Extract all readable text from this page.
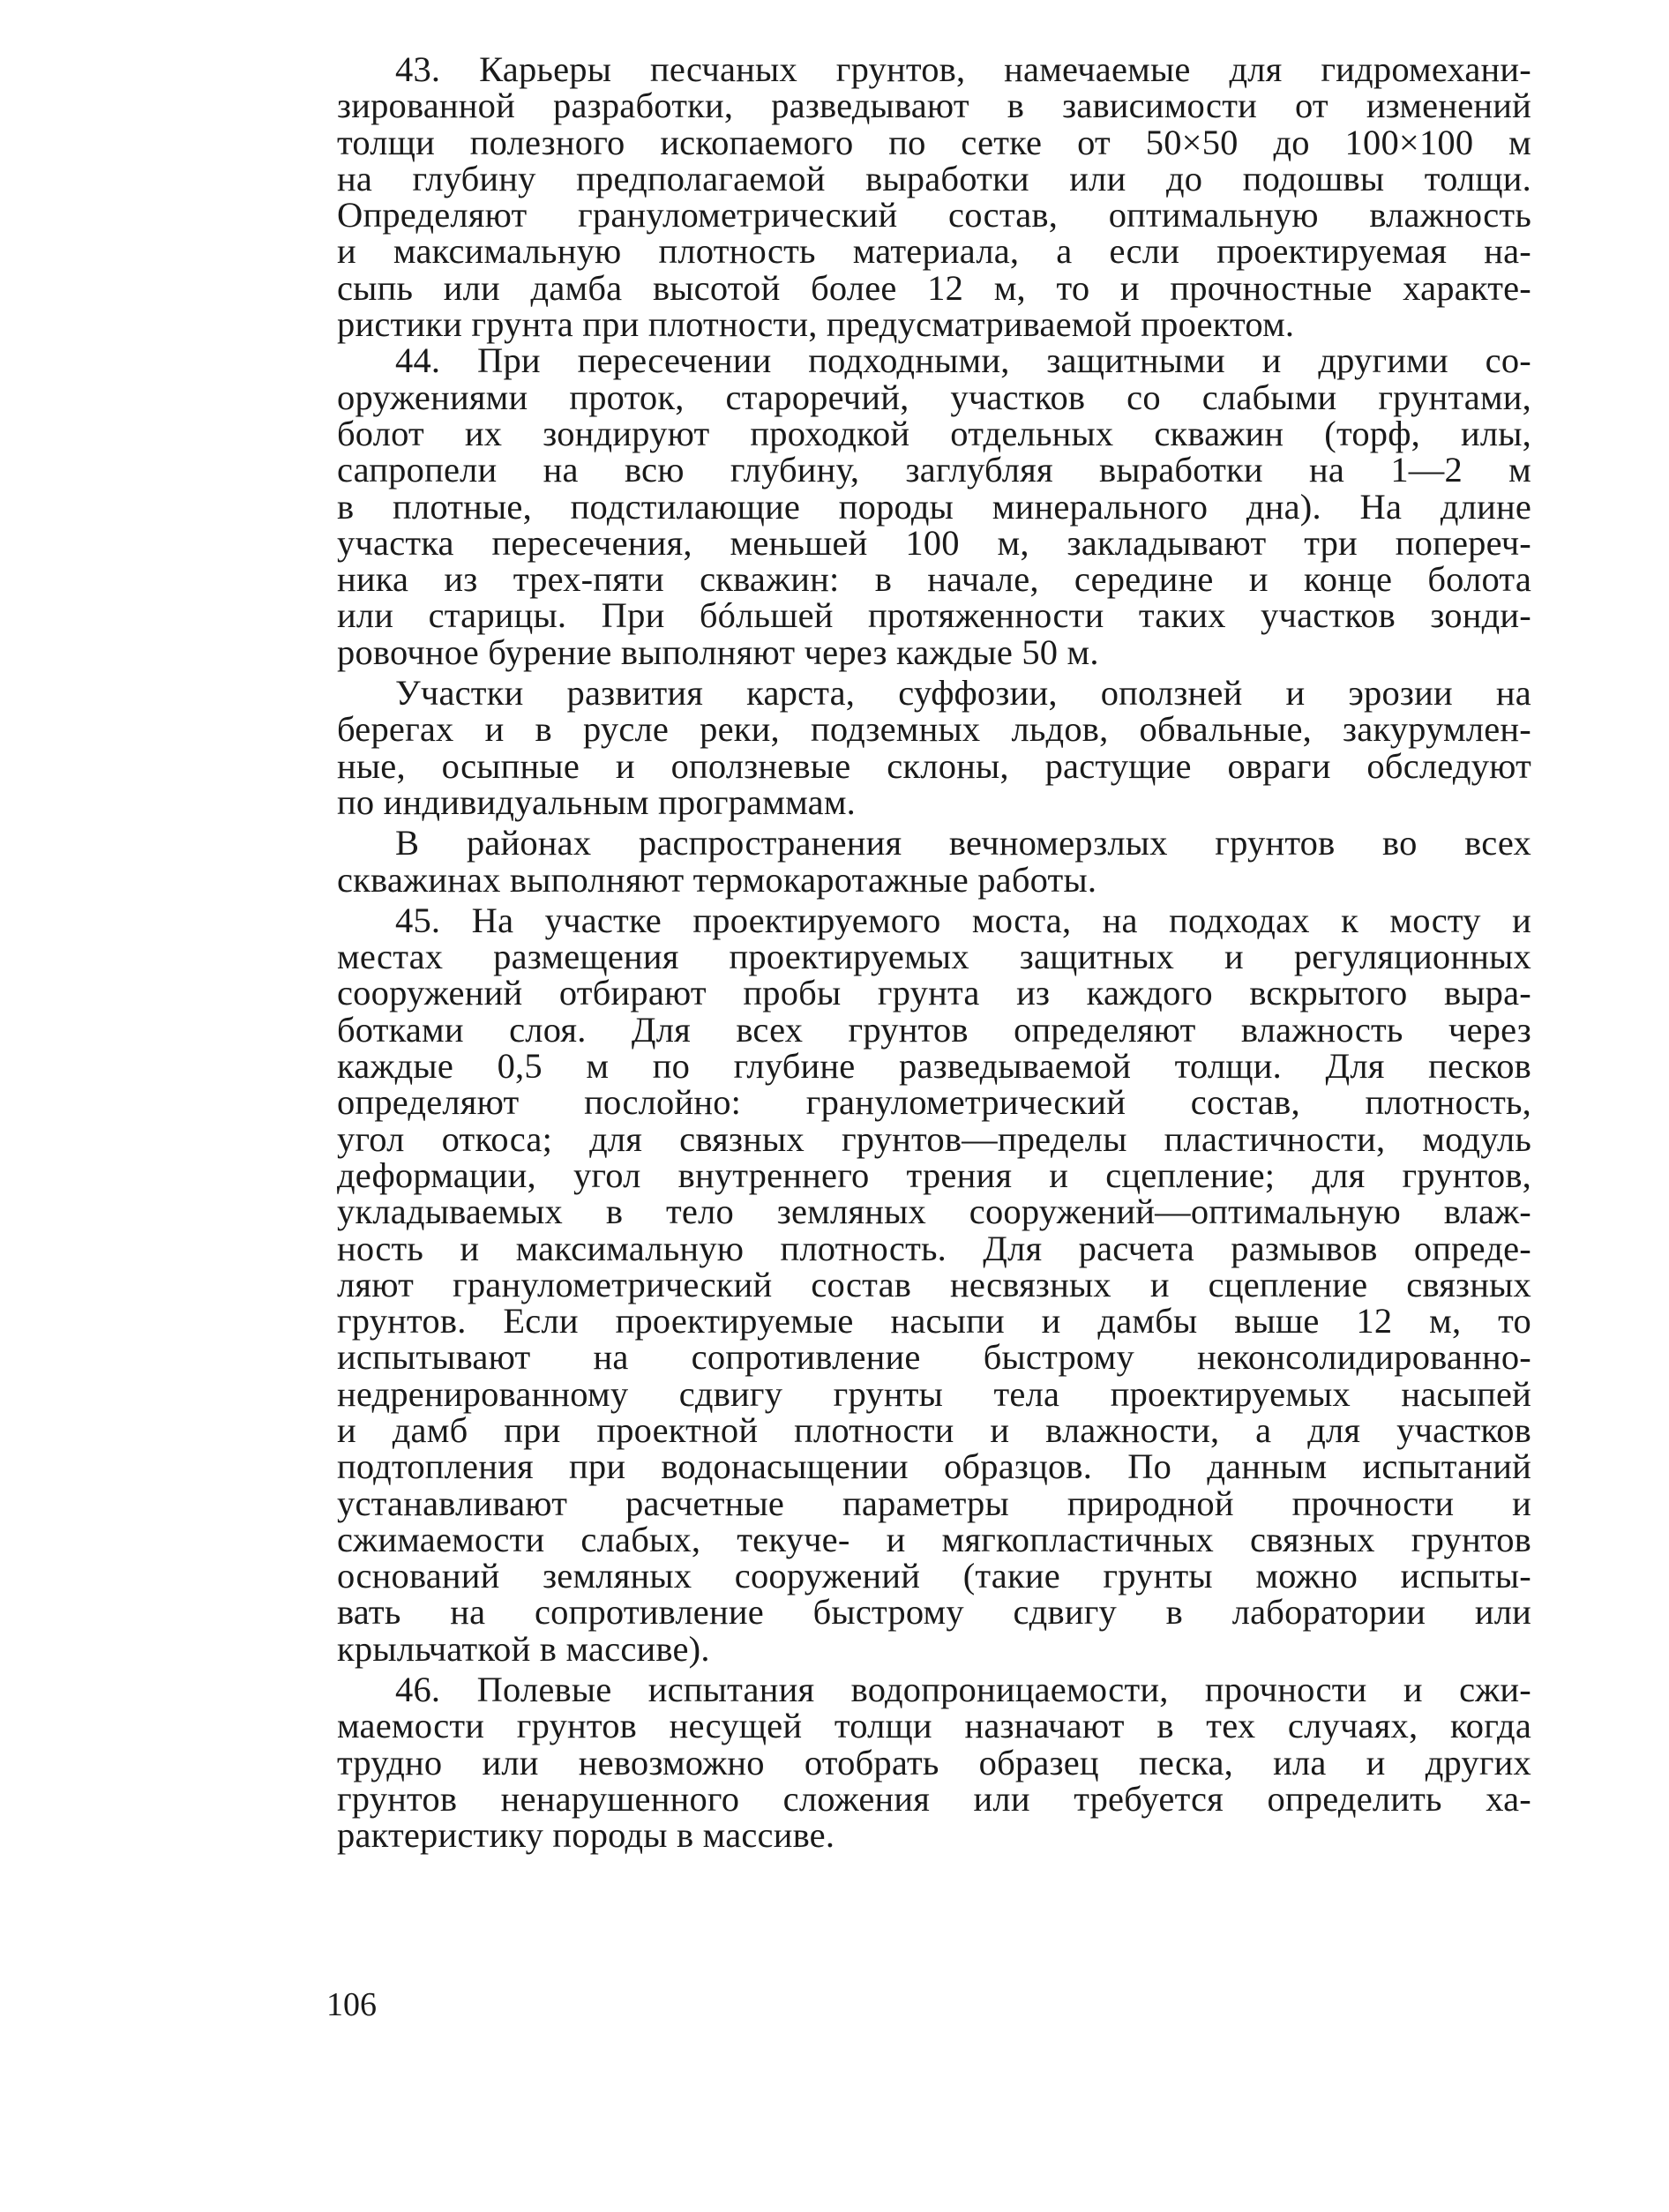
43. Карьеры песчаных грунтов, намечаемые для гидромехани-
зированной разработки, разведывают в зависимости от изменений
толщи полезного ископаемого по сетке от 50×50 до 100×100 м
на глубину предполагаемой выработки или до подошвы толщи.
Определяют гранулометрический состав, оптимальную влажность
и максимальную плотность материала, а если проектируемая на-
сыпь или дамба высотой более 12 м, то и прочностные характе-
ристики грунта при плотности, предусматриваемой проектом.
44. При пересечении подходными, защитными и другими со-
оружениями проток, староречий, участков со слабыми грунтами,
болот их зондируют проходкой отдельных скважин (торф, илы,
сапропели на всю глубину, заглубляя выработки на 1—2 м
в плотные, подстилающие породы минерального дна). На длине
участка пересечения, меньшей 100 м, закладывают три попереч-
ника из трех-пяти скважин: в начале, середине и конце болота
или старицы. При бóльшей протяженности таких участков зонди-
ровочное бурение выполняют через каждые 50 м.
Участки развития карста, суффозии, оползней и эрозии на
берегах и в русле реки, подземных льдов, обвальные, закурумлен-
ные, осыпные и оползневые склоны, растущие овраги обследуют
по индивидуальным программам.
В районах распространения вечномерзлых грунтов во всех
скважинах выполняют термокаротажные работы.
45. На участке проектируемого моста, на подходах к мосту и
местах размещения проектируемых защитных и регуляционных
сооружений отбирают пробы грунта из каждого вскрытого выра-
ботками слоя. Для всех грунтов определяют влажность через
каждые 0,5 м по глубине разведываемой толщи. Для песков
определяют послойно: гранулометрический состав, плотность,
угол откоса; для связных грунтов—пределы пластичности, модуль
деформации, угол внутреннего трения и сцепление; для грунтов,
укладываемых в тело земляных сооружений—оптимальную влаж-
ность и максимальную плотность. Для расчета размывов опреде-
ляют гранулометрический состав несвязных и сцепление связных
грунтов. Если проектируемые насыпи и дамбы выше 12 м, то
испытывают на сопротивление быстрому неконсолидированно-
недренированному сдвигу грунты тела проектируемых насыпей
и дамб при проектной плотности и влажности, а для участков
подтопления при водонасыщении образцов. По данным испытаний
устанавливают расчетные параметры природной прочности и
сжимаемости слабых, текуче- и мягкопластичных связных грунтов
оснований земляных сооружений (такие грунты можно испыты-
вать на сопротивление быстрому сдвигу в лаборатории или
крыльчаткой в массиве).
46. Полевые испытания водопроницаемости, прочности и сжи-
маемости грунтов несущей толщи назначают в тех случаях, когда
трудно или невозможно отобрать образец песка, ила и других
грунтов ненарушенного сложения или требуется определить ха-
рактеристику породы в массиве.
106
